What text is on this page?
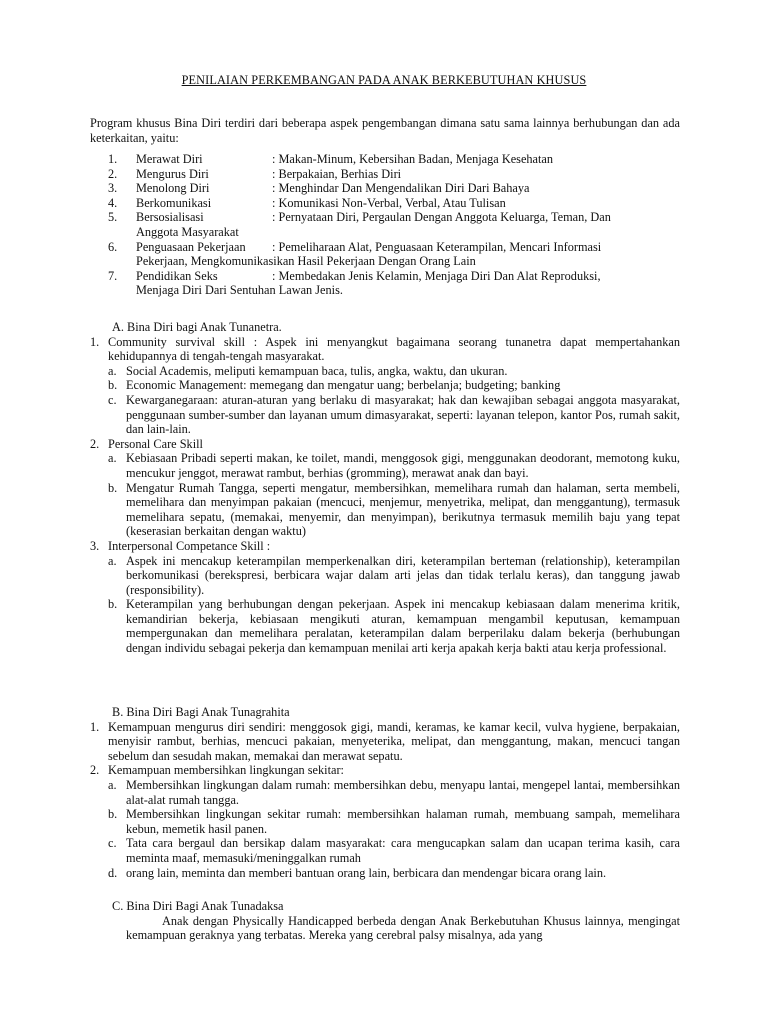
PENILAIAN PERKEMBANGAN PADA ANAK BERKEBUTUHAN KHUSUS
Program khusus Bina Diri terdiri dari beberapa aspek pengembangan dimana satu sama lainnya berhubungan dan ada keterkaitan, yaitu:
1.	Merawat Diri	: Makan-Minum, Kebersihan Badan, Menjaga Kesehatan
2.	Mengurus Diri	: Berpakaian, Berhias Diri
3.	Menolong Diri	: Menghindar Dan Mengendalikan Diri Dari Bahaya
4.	Berkomunikasi	: Komunikasi Non-Verbal, Verbal, Atau Tulisan
5.	Bersosialisasi	: Pernyataan Diri, Pergaulan Dengan Anggota Keluarga, Teman, Dan
Anggota Masyarakat
6.	Penguasaan Pekerjaan	: Pemeliharaan Alat, Penguasaan Keterampilan, Mencari Informasi
Pekerjaan, Mengkomunikasikan Hasil Pekerjaan Dengan Orang Lain
7.	Pendidikan Seks	: Membedakan Jenis Kelamin, Menjaga Diri Dan Alat Reproduksi,
Menjaga Diri Dari Sentuhan Lawan Jenis.
A. Bina Diri bagi Anak Tunanetra.
1. Community survival skill : Aspek ini menyangkut bagaimana seorang tunanetra dapat mempertahankan kehidupannya di tengah-tengah masyarakat.
a. Social Academis, meliputi kemampuan baca, tulis, angka, waktu, dan ukuran.
b. Economic Management: memegang dan mengatur uang; berbelanja; budgeting; banking
c. Kewarganegaraan: aturan-aturan yang berlaku di masyarakat; hak dan kewajiban sebagai anggota masyarakat, penggunaan sumber-sumber dan layanan umum dimasyarakat, seperti: layanan telepon, kantor Pos, rumah sakit, dan lain-lain.
2. Personal Care Skill
a. Kebiasaan Pribadi seperti makan, ke toilet, mandi, menggosok gigi, menggunakan deodorant, memotong kuku, mencukur jenggot, merawat rambut, berhias (gromming), merawat anak dan bayi.
b. Mengatur Rumah Tangga, seperti mengatur, membersihkan, memelihara rumah dan halaman, serta membeli, memelihara dan menyimpan pakaian (mencuci, menjemur, menyetrika, melipat, dan menggantung), termasuk memelihara sepatu, (memakai, menyemir, dan menyimpan), berikutnya termasuk memilih baju yang tepat (keserasian berkaitan dengan waktu)
3. Interpersonal Competance Skill :
a. Aspek ini mencakup keterampilan memperkenalkan diri, keterampilan berteman (relationship), keterampilan berkomunikasi (berekspresi, berbicara wajar dalam arti jelas dan tidak terlalu keras), dan tanggung jawab (responsibility).
b. Keterampilan yang berhubungan dengan pekerjaan. Aspek ini mencakup kebiasaan dalam menerima kritik, kemandirian bekerja, kebiasaan mengikuti aturan, kemampuan mengambil keputusan, kemampuan mempergunakan dan memelihara peralatan, keterampilan dalam berperilaku dalam bekerja (berhubungan dengan individu sebagai pekerja dan kemampuan menilai arti kerja apakah kerja bakti atau kerja professional.
B. Bina Diri Bagi Anak Tunagrahita
1. Kemampuan mengurus diri sendiri: menggosok gigi, mandi, keramas, ke kamar kecil, vulva hygiene, berpakaian, menyisir rambut, berhias, mencuci pakaian, menyeterika, melipat, dan menggantung, makan, mencuci tangan sebelum dan sesudah makan, memakai dan merawat sepatu.
2. Kemampuan membersihkan lingkungan sekitar:
a. Membersihkan lingkungan dalam rumah: membersihkan debu, menyapu lantai, mengepel lantai, membersihkan alat-alat rumah tangga.
b. Membersihkan lingkungan sekitar rumah: membersihkan halaman rumah, membuang sampah, memelihara kebun, memetik hasil panen.
c. Tata cara bergaul dan bersikap dalam masyarakat: cara mengucapkan salam dan ucapan terima kasih, cara meminta maaf, memasuki/meninggalkan rumah
d. orang lain, meminta dan memberi bantuan orang lain, berbicara dan mendengar bicara orang lain.
C. Bina Diri Bagi Anak Tunadaksa
Anak dengan Physically Handicapped berbeda dengan Anak Berkebutuhan Khusus lainnya, mengingat kemampuan geraknya yang terbatas. Mereka yang cerebral palsy misalnya, ada yang
